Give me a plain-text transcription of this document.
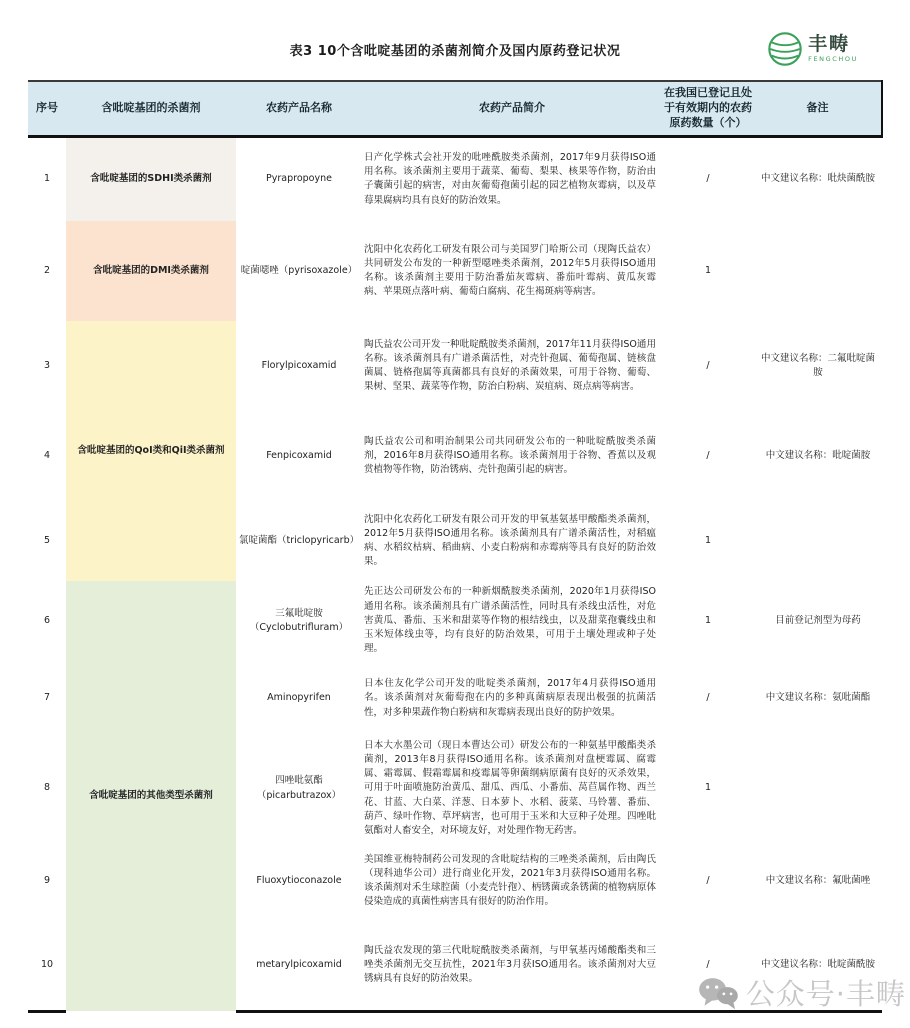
表3 10个含吡啶基团的杀菌剂简介及国内原药登记状况	丰畴
FENGCHOU
序号	含吡啶基团的杀菌剂	农药产品名称	农药产品简介	在我国已登记且处于有效期内的农药原药数量（个）	备注
1	含吡啶基团的SDHI类杀菌剂	Pyrapropoyne	日产化学株式会社开发的吡唑酰胺类杀菌剂，2017年9月获得ISO通用名称。该杀菌剂主要用于蔬菜、葡萄、梨果、核果等作物，防治由子囊菌引起的病害，对由灰葡萄孢菌引起的园艺植物灰霉病，以及草莓果腐病均具有良好的防治效果。	/	中文建议名称：吡炔菌酰胺
2	含吡啶基团的DMI类杀菌剂	啶菌噁唑（pyrisoxazole）	沈阳中化农药化工研发有限公司与美国罗门哈斯公司（现陶氏益农）共同研发公布发的一种新型噁唑类杀菌剂，2012年5月获得ISO通用名称。该杀菌剂主要用于防治番茄灰霉病、番茄叶霉病、黄瓜灰霉病、苹果斑点落叶病、葡萄白腐病、花生褐斑病等病害。	1	
3	含吡啶基团的QoI类和QiI类杀菌剂	Florylpicoxamid	陶氏益农公司开发一种吡啶酰胺类杀菌剂，2017年11月获得ISO通用名称。该杀菌剂具有广谱杀菌活性，对壳针孢属、葡萄孢属、链核盘菌属、链格孢属等真菌都具有良好的杀菌效果，可用于谷物、葡萄、果树、坚果、蔬菜等作物，防治白粉病、炭疽病、斑点病等病害。	/	中文建议名称：二氟吡啶菌胺
4		Fenpicoxamid	陶氏益农公司和明治制果公司共同研发公布的一种吡啶酰胺类杀菌剂，2016年8月获得ISO通用名称。该杀菌剂用于谷物、香蕉以及观赏植物等作物，防治锈病、壳针孢菌引起的病害。	/	中文建议名称：吡啶菌胺
5		氯啶菌酯（triclopyricarb）	沈阳中化农药化工研发有限公司开发的甲氧基氨基甲酸酯类杀菌剂，2012年5月获得ISO通用名称。该杀菌剂具有广谱杀菌活性，对稻瘟病、水稻纹枯病、稻曲病、小麦白粉病和赤霉病等具有良好的防治效果。	1	
6	含吡啶基团的其他类型杀菌剂	三氟吡啶胺（Cyclobutrifluram）	先正达公司研发公布的一种新烟酰胺类杀菌剂，2020年1月获得ISO通用名称。该杀菌剂具有广谱杀菌活性，同时具有杀线虫活性，对危害黄瓜、番茄、玉米和甜菜等作物的根结线虫，以及甜菜孢囊线虫和玉米短体线虫等，均有良好的防治效果，可用于土壤处理或种子处理。	1	目前登记剂型为母药
7		Aminopyrifen	日本住友化学公司开发的吡啶类杀菌剂，2017年4月获得ISO通用名。该杀菌剂对灰葡萄孢在内的多种真菌病原表现出极强的抗菌活性，对多种果蔬作物白粉病和灰霉病表现出良好的防护效果。	/	中文建议名称：氨吡菌酯
8		四唑吡氨酯（picarbutrazox）	日本大水墨公司（现日本曹达公司）研发公布的一种氨基甲酸酯类杀菌剂，2013年8月获得ISO通用名称。该杀菌剂对盘梗霉属、腐霉属、霜霉属、假霜霉属和疫霉属等卵菌纲病原菌有良好的灭杀效果，可用于叶面喷施防治黄瓜、甜瓜、西瓜、小番茄、莴苣属作物、西兰花、甘蓝、大白菜、洋葱、日本萝卜、水稻、菠菜、马铃薯、番茄、葫芦、绿叶作物、草坪病害，也可用于玉米和大豆种子处理。四唑吡氨酯对人畜安全，对环境友好，对处理作物无药害。	1	
9		Fluoxytioconazole	美国维亚梅特制药公司发现的含吡啶结构的三唑类杀菌剂，后由陶氏（现科迪华公司）进行商业化开发，2021年3月获得ISO通用名称。该杀菌剂对禾生球腔菌（小麦壳针孢）、柄锈菌或条锈菌的植物病原体侵染造成的真菌性病害具有很好的防治作用。	/	中文建议名称：氟吡菌唑
10		metarylpicoxamid	陶氏益农发现的第三代吡啶酰胺类杀菌剂，与甲氧基丙烯酸酯类和三唑类杀菌剂无交互抗性，2021年3月获ISO通用名。该杀菌剂对大豆锈病具有良好的防治效果。	/	中文建议名称：吡啶菌酰胺
公众号·丰畴
